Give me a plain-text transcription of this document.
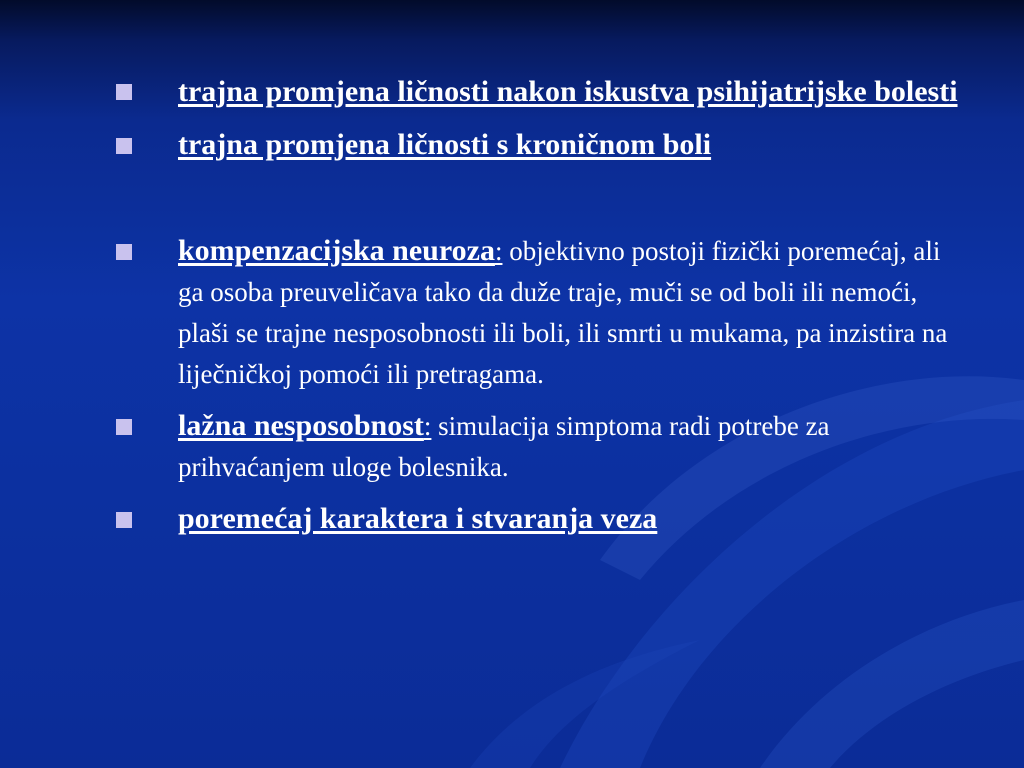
trajna promjena ličnosti nakon iskustva psihijatrijske bolesti
trajna promjena ličnosti s kroničnom boli
kompenzacijska neuroza: objektivno postoji fizički poremećaj, ali ga osoba preuveličava tako da duže traje, muči se od boli ili nemoći, plaši se trajne nesposobnosti ili boli, ili smrti u mukama, pa inzistira na liječničkoj pomoći ili pretragama.
lažna nesposobnost: simulacija simptoma radi potrebe za prihvaćanjem uloge bolesnika.
poremećaj karaktera i stvaranja veza
